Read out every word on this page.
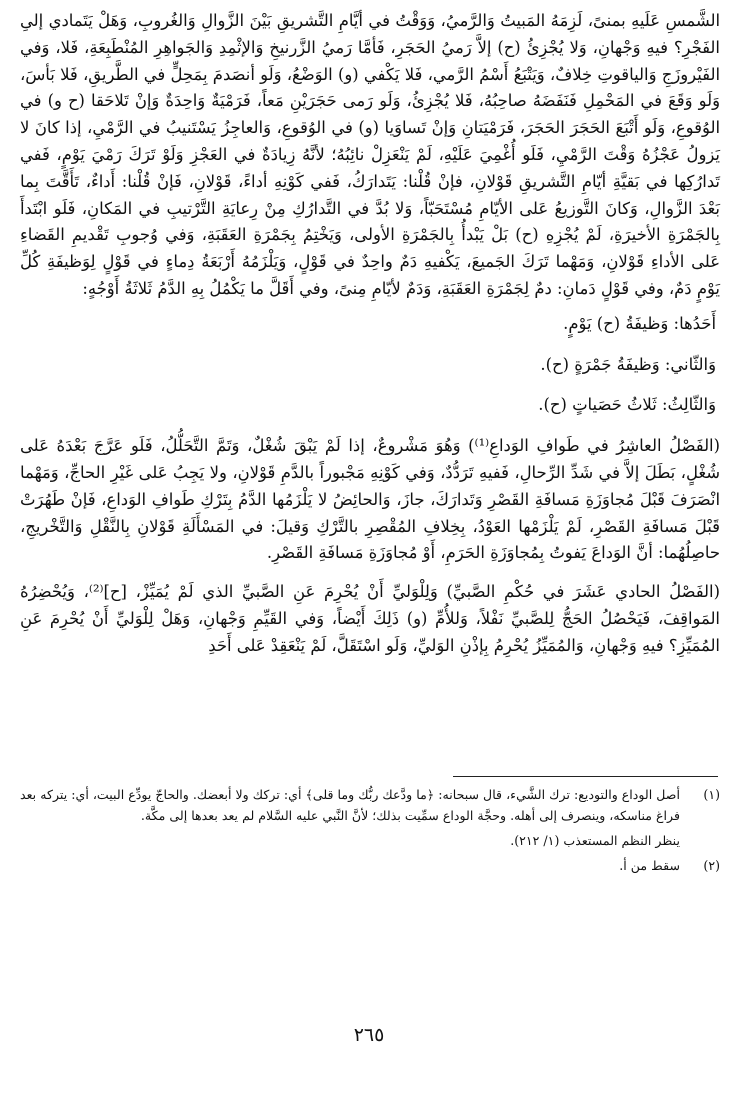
الشَّمسِ عَلَيهِ بمنىً، لَزِمَهُ المَبيتُ وَالرَّميُ، وَوَقْتُ في أيَّامِ التَّشريقِ بَيْنَ الزَّوالِ وَالغُروبِ، وَهَلْ يَتَمادي إلىِ الفَجْرِ؟ فيهِ وَجْهانِ، وَلا يُجْزِئُ (ح) إلاَّ رَميُ الحَجَرِ، فَأمَّا رَميُ الزَّرنيخِ وَالإثْمِدِ وَالجَواهِرِ المُنْطَبِعَةِ، فَلا، وَفي الفَيْروزَجِ وَالياقوتِ خِلافٌ، وَيَتْبَعُ أَسْمُ الرَّمي، فَلا يَكْفي (و) الوَضْعُ، وَلَو أنصَدمَ بِمَحِلٍّ في الطَّريقِ، فَلا بَأسَ، وَلَو وَقَعَ في المَحْمِلِ فَنَفَضَهُ صاحِبُهُ، فَلا يُجْزِئُ، وَلَو رَمى حَجَرَيْنِ مَعاً، فَرَمْيَةٌ وَاحِدَةٌ وَإنْ تَلاحَقا (ح و) في الوُقوعِ، وَلَو أَتْبَعَ الحَجَرَ الحَجَرَ، فَرَمْيَتانِ وَإنْ تَساوَيا (و) في الوُقوعِ، وَالعاجِزُ يَسْتَنيبُ في الرَّمْيِ، إذا كانَ لا يَزولُ عَجْزُهُ وَقْتَ الرَّمْيِ، فَلَو أُغْمِيَ عَلَيْهِ، لَمْ يَنْعَزِلْ نائِبُهُ؛ لأنَّهُ زِيادَةٌ في العَجْزِ وَلَوْ تَرَكَ رَمْيَ يَوْمٍ، فَفي تَدارُكِها في بَقيَّةِ أيّامِ التَّشريقِ قَوْلانِ، فإنْ قُلْنا: يَتَدارَكُ، فَفي كَوْنِهِ أداءً، قَوْلانِ، فَإنْ قُلْنا: أَداءٌ، تَأَقَّتَ بِما بَعْدَ الزَّوالِ، وَكانَ التَّوزيعُ عَلى الأيّامِ مُسْتَحَبّاً، وَلا بُدَّ في التَّدارُكِ مِنْ رِعايَةِ التَّرْتيبِ في المَكانِ، فَلَو ابْتَدأَ بِالجَمْرَةِ الأخيرَةِ، لَمْ يُجْزِهِ (ح) بَلْ يَبْدأُ بِالجَمْرَةِ الأولى، وَيَخْتِمُ بِجَمْرَةِ العَقَبَةِ، وَفي وُجوبِ تَقْديمِ القَضاءِ عَلى الأداءِ قَوْلانِ، وَمَهْما تَرَكَ الجَميعَ، يَكْفيهِ دَمٌ واحِدٌ في قَوْلٍ، وَيَلْزَمُهُ أَرْبَعَةُ دِماءٍ في قَوْلٍ لِوَظيفَةِ كُلِّ يَوْمٍ دَمٌ، وفي قَوْلٍ دَمانِ: دمٌ لِجَمْرَةِ العَقَبَةِ، وَدَمٌ لأيّامِ مِنىً، وفي أَقَلَّ ما يَكْمُلُ بِهِ الدَّمُ ثَلاثَةُ أَوْجُهٍ:

أَحَدُها: وَظيفَةُ (ح) يَوْمٍ.

وَالثّاني: وَظيفَةُ جَمْرَةٍ (ح).

وَالثّالِثُ: ثَلاثُ حَصَياتٍ (ح).

(الفَصْلُ العاشِرُ في طَوافِ الوَداعِ⁽¹⁾) وَهُوَ مَشْروعٌ، إذا لَمْ يَبْقَ شُغْلٌ، وَتَمَّ التَّحَلُّلُ، فَلَو عَرَّجَ بَعْدَهُ عَلى شُغْلٍ، بَطَلَ إلاَّ في شَدِّ الرِّحالِ، فَفيهِ تَرَدُّدٌ، وَفي كَوْنِهِ مَجْبوراً بالدَّمِ قَوْلانِ، ولا يَجِبُ عَلى غَيْرِ الحاجِّ، وَمَهْما انْصَرَفَ قَبْلَ مُجاوَزَةِ مَسافَةِ القَصْرِ وَتَدارَكَ، جازَ، وَالحائِضُ لا يَلْزَمُها الدَّمُ بِتَرْكِ طَوافِ الوَداعِ، فَإنْ طَهُرَتْ قَبْلَ مَسافَةِ القَصْرِ، لَمْ يَلْزَمْها العَوْدُ، بِخِلافِ المُقْصِرِ بالتَّرْكِ وَقيلَ: في المَسْأَلَةِ قَوْلانِ بِالنَّقْلِ وَالتَّخْريجِ، حاصِلُهُما: أنَّ الوَداعَ يَفوتُ بِمُجاوَزَةِ الحَرَمِ، أَوْ مُجاوَزَةِ مَسافَةِ القَصْرِ.

(الفَصْلُ الحادي عَشَرَ في حُكْمِ الصَّبيِّ) وَلِلْوَليِّ أَنْ يُحْرِمَ عَنِ الصَّبيِّ الذي لَمْ يُمَيِّزْ، [ح]⁽²⁾، وَيُحْضِرُهُ المَواقِفَ، فَيَحْصُلُ الحَجُّ لِلصَّبيِّ نَفْلاً، وَللأُمِّ (و) ذَلِكَ أَيْضاً، وَفي القَيِّمِ وَجْهانِ، وَهَلْ لِلْوَليِّ أَنْ يُحْرِمَ عَنِ المُمَيِّزِ؟ فيهِ وَجْهانِ، وَالمُمَيِّزُ يُحْرِمُ بِإذْنِ الوَليِّ، وَلَو اسْتَقَلَّ، لَمْ يَنْعَقِدْ عَلى أَحَدِ

(١)

أصل الوداع والتوديع: ترك الشَّيء، قال سبحانه: ﴿ما ودَّعك ربُّك وما قلى﴾ أي: تركك ولا أبعضك. والحاجّ يودِّع البيت، أي: يتركه بعد فراغ مناسكه، وينصرف إلى أهله. وحجَّة الوداع سمِّيت بذلك؛ لأنَّ النَّبي عليه السَّلام لم يعد بعدها إلى مكَّة.

ينظر النظم المستعذب (١/ ٢١٢).

(٢)

سقط من أ.

٢٦٥
